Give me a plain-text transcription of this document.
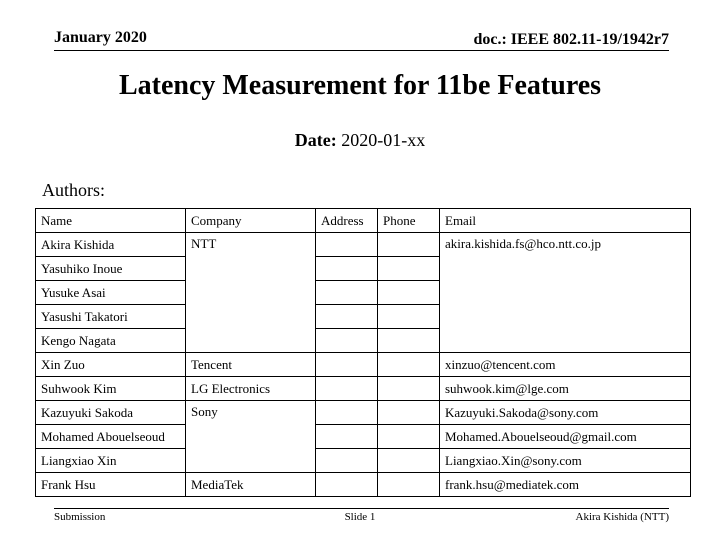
January 2020	doc.: IEEE 802.11-19/1942r7
Latency Measurement for 11be Features
Date: 2020-01-xx
Authors:
Name	Company	Address	Phone	Email
Akira Kishida	NTT			akira.kishida.fs@hco.ntt.co.jp
Yasuhiko Inoue				
Yusuke Asai				
Yasushi Takatori				
Kengo Nagata				
Xin Zuo	Tencent			xinzuo@tencent.com
Suhwook Kim	LG Electronics			suhwook.kim@lge.com
Kazuyuki Sakoda	Sony			Kazuyuki.Sakoda@sony.com
Mohamed Abouelseoud				Mohamed.Abouelseoud@gmail.com
Liangxiao Xin				Liangxiao.Xin@sony.com
Frank Hsu	MediaTek			frank.hsu@mediatek.com
Submission	Slide 1	Akira Kishida (NTT)
